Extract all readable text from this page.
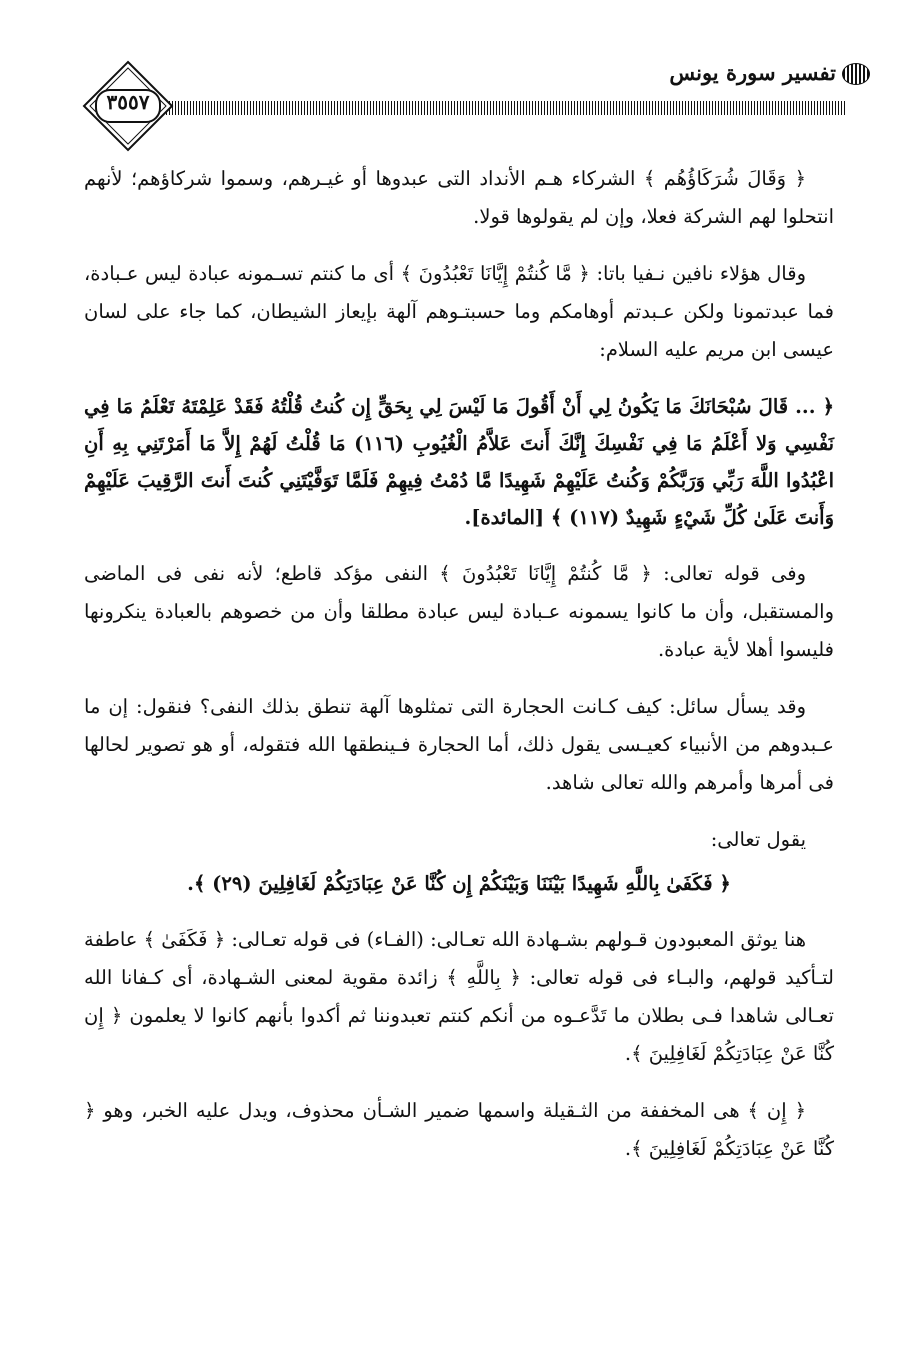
تفسير سورة يونس
٣٥٥٧

﴿ وَقَالَ شُرَكَاؤُهُم ﴾ الشركاء هـم الأنداد التى عبدوها أو غيـرهم، وسموا شركاؤهم؛ لأنهم انتحلوا لهم الشركة فعلا، وإن لم يقولوها قولا.

وقال هؤلاء نافين نـفيا باتا: ﴿ مَّا كُنتُمْ إِيَّانَا تَعْبُدُونَ ﴾ أى ما كنتم تسـمونه عبادة ليس عـبادة، فما عبدتمونا ولكن عـبدتم أوهامكم وما حسبتـوهم آلهة بإيعاز الشيطان، كما جاء على لسان عيسى ابن مريم عليه السلام:

﴿ ... قَالَ سُبْحَانَكَ مَا يَكُونُ لِي أَنْ أَقُولَ مَا لَيْسَ لِي بِحَقٍّ إِن كُنتُ قُلْتُهُ فَقَدْ عَلِمْتَهُ تَعْلَمُ مَا فِي نَفْسِي وَلا أَعْلَمُ مَا فِي نَفْسِكَ إِنَّكَ أَنتَ عَلاَّمُ الْغُيُوبِ (١١٦) مَا قُلْتُ لَهُمْ إِلاَّ مَا أَمَرْتَنِي بِهِ أَنِ اعْبُدُوا اللَّهَ رَبِّي وَرَبَّكُمْ وَكُنتُ عَلَيْهِمْ شَهِيدًا مَّا دُمْتُ فِيهِمْ فَلَمَّا تَوَفَّيْتَنِي كُنتَ أَنتَ الرَّقِيبَ عَلَيْهِمْ وَأَنتَ عَلَىٰ كُلِّ شَيْءٍ شَهِيدٌ (١١٧) ﴾ [المائدة].

وفى قوله تعالى: ﴿ مَّا كُنتُمْ إِيَّانَا تَعْبُدُونَ ﴾ النفى مؤكد قاطع؛ لأنه نفى فى الماضى والمستقبل، وأن ما كانوا يسمونه عـبادة ليس عبادة مطلقا وأن من خصوهم بالعبادة ينكرونها فليسوا أهلا لأية عبادة.

وقد يسأل سائل: كيف كـانت الحجارة التى تمثلوها آلهة تنطق بذلك النفى؟ فنقول: إن ما عـبدوهم من الأنبياء كعيـسى يقول ذلك، أما الحجارة فـينطقها الله فتقوله، أو هو تصوير لحالها فى أمرها وأمرهم والله تعالى شاهد.

يقول تعالى:

﴿ فَكَفَىٰ بِاللَّهِ شَهِيدًا بَيْنَنَا وَبَيْنَكُمْ إِن كُنَّا عَنْ عِبَادَتِكُمْ لَغَافِلِينَ (٢٩) ﴾.

هنا يوثق المعبودون قـولهم بشـهادة الله تعـالى: (الفـاء) فى قوله تعـالى: ﴿ فَكَفَىٰ ﴾ عاطفة لتـأكيد قولهم، والبـاء فى قوله تعالى: ﴿ بِاللَّهِ ﴾ زائدة مقوية لمعنى الشـهادة، أى كـفانا الله تعـالى شاهدا فـى بطلان ما تَدَّعـوه من أنكم كنتم تعبدوننا ثم أكدوا بأنهم كانوا لا يعلمون ﴿ إِن كُنَّا عَنْ عِبَادَتِكُمْ لَغَافِلِينَ ﴾.

﴿ إِن ﴾ هى المخففة من الثـقيلة واسمها ضمير الشـأن محذوف، ويدل عليه الخبر، وهو ﴿ كُنَّا عَنْ عِبَادَتِكُمْ لَغَافِلِينَ ﴾.
